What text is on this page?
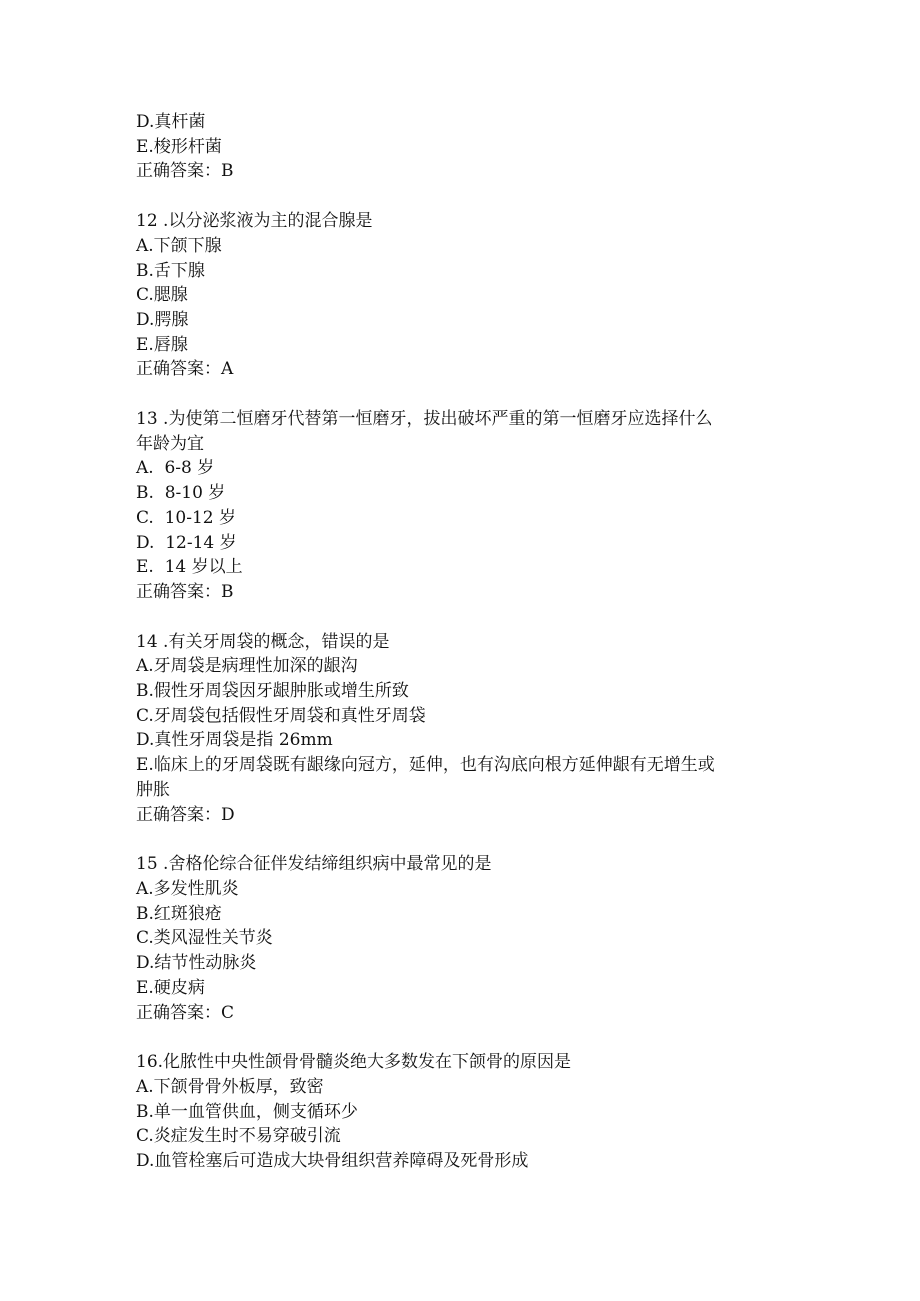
D.真杆菌
E.梭形杆菌
正确答案：B
12 .以分泌浆液为主的混合腺是
A.下颌下腺
B.舌下腺
C.腮腺
D.腭腺
E.唇腺
正确答案：A
13 .为使第二恒磨牙代替第一恒磨牙，拔出破坏严重的第一恒磨牙应选择什么
年龄为宜
A.  6-8 岁
B.  8-10 岁
C.  10-12 岁
D.  12-14 岁
E.  14 岁以上
正确答案：B
14 .有关牙周袋的概念，错误的是
A.牙周袋是病理性加深的龈沟
B.假性牙周袋因牙龈肿胀或增生所致
C.牙周袋包括假性牙周袋和真性牙周袋
D.真性牙周袋是指 26mm
E.临床上的牙周袋既有龈缘向冠方，延伸，也有沟底向根方延伸龈有无增生或
肿胀
正确答案：D
15 .舍格伦综合征伴发结缔组织病中最常见的是
A.多发性肌炎
B.红斑狼疮
C.类风湿性关节炎
D.结节性动脉炎
E.硬皮病
正确答案：C
16.化脓性中央性颌骨骨髓炎绝大多数发在下颌骨的原因是
A.下颌骨骨外板厚，致密
B.单一血管供血，侧支循环少
C.炎症发生时不易穿破引流
D.血管栓塞后可造成大块骨组织营养障碍及死骨形成
